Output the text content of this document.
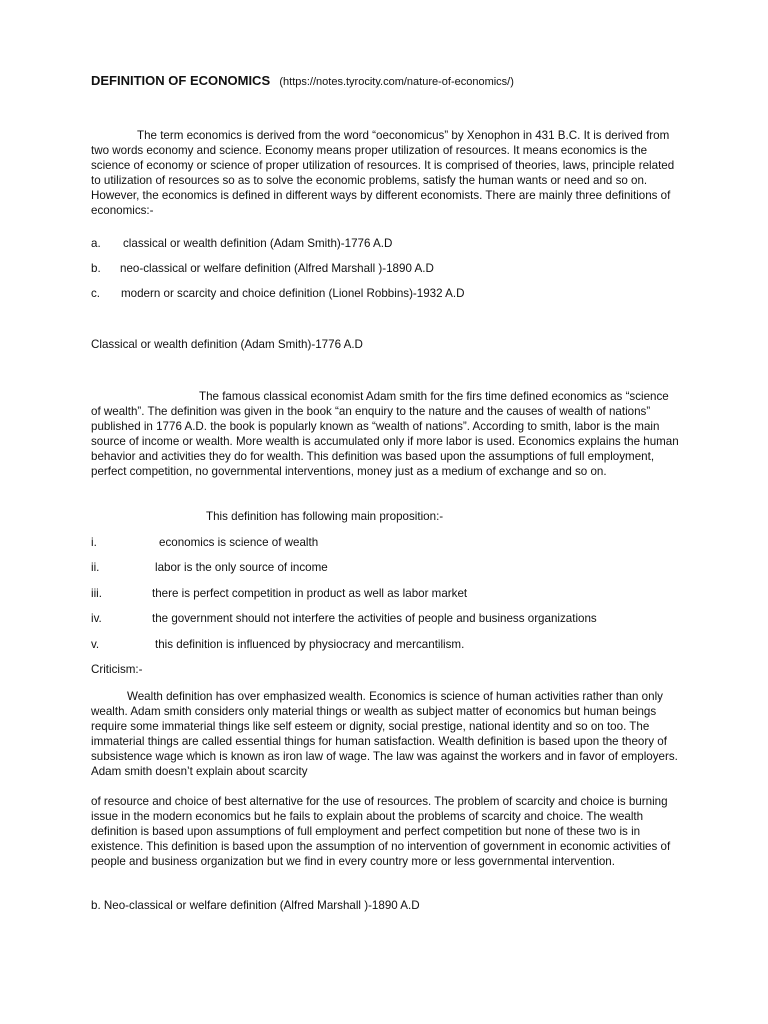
DEFINITION OF ECONOMICS (https://notes.tyrocity.com/nature-of-economics/)

The term economics is derived from the word “oeconomicus” by Xenophon in 431 B.C. It is derived from two words economy and science. Economy means proper utilization of resources. It means economics is the science of economy or science of proper utilization of resources. It is comprised of theories, laws, principle related to utilization of resources so as to solve the economic problems, satisfy the human wants or need and so on. However, the economics is defined in different ways by different economists. There are mainly three definitions of economics:-

a. classical or wealth definition (Adam Smith)-1776 A.D
b. neo-classical or welfare definition (Alfred Marshall )-1890 A.D
c. modern or scarcity and choice definition (Lionel Robbins)-1932 A.D
Classical or wealth definition (Adam Smith)-1776 A.D

The famous classical economist Adam smith for the firs time defined economics as “science of wealth”. The definition was given in the book “an enquiry to the nature and the causes of wealth of nations” published in 1776 A.D. the book is popularly known as “wealth of nations”. According to smith, labor is the main source of income or wealth. More wealth is accumulated only if more labor is used. Economics explains the human behavior and activities they do for wealth. This definition was based upon the assumptions of full employment, perfect competition, no governmental interventions, money just as a medium of exchange and so on.

This definition has following main proposition:-
i.	economics is science of wealth
ii.	labor is the only source of income
iii.	there is perfect competition in product as well as labor market
iv.	the government should not interfere the activities of people and business organizations
v.	this definition is influenced by physiocracy and mercantilism.
Criticism:-

Wealth definition has over emphasized wealth. Economics is science of human activities rather than only wealth. Adam smith considers only material things or wealth as subject matter of economics but human beings require some immaterial things like self esteem or dignity, social prestige, national identity and so on too. The immaterial things are called essential things for human satisfaction. Wealth definition is based upon the theory of subsistence wage which is known as iron law of wage. The law was against the workers and in favor of employers. Adam smith doesn’t explain about scarcity

of resource and choice of best alternative for the use of resources. The problem of scarcity and choice is burning issue in the modern economics but he fails to explain about the problems of scarcity and choice. The wealth definition is based upon assumptions of full employment and perfect competition but none of these two is in existence. This definition is based upon the assumption of no intervention of government in economic activities of people and business organization but we find in every country more or less governmental intervention.

b. Neo-classical or welfare definition (Alfred Marshall )-1890 A.D
